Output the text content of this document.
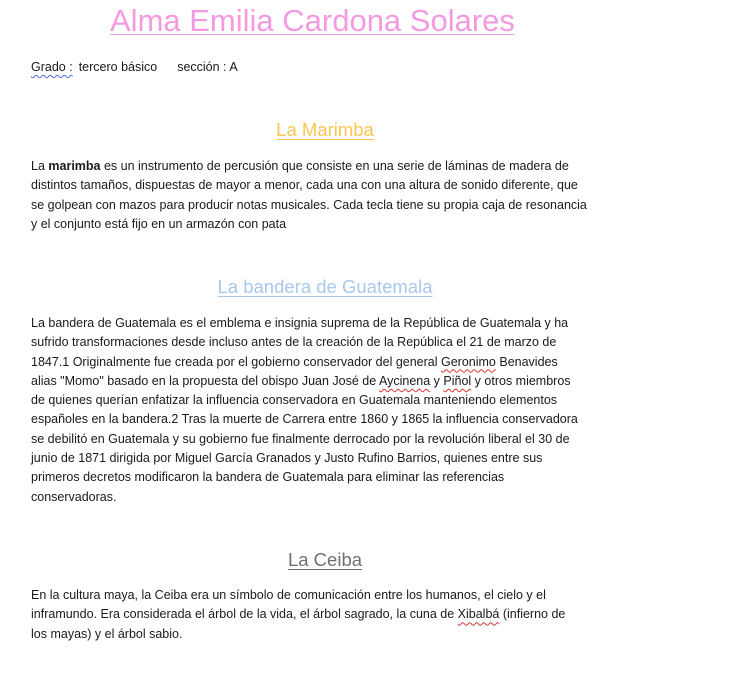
Alma Emilia Cardona Solares
Grado : tercero básico sección : A
La Marimba
La marimba es un instrumento de percusión que consiste en una serie de láminas de madera de
distintos tamaños, dispuestas de mayor a menor, cada una con una altura de sonido diferente, que
se golpean con mazos para producir notas musicales. Cada tecla tiene su propia caja de resonancia
y el conjunto está fijo en un armazón con pata
La bandera de Guatemala
La bandera de Guatemala es el emblema e insignia suprema de la República de Guatemala y ha
sufrido transformaciones desde incluso antes de la creación de la República el 21 de marzo de
1847.1 Originalmente fue creada por el gobierno conservador del general Geronimo Benavides
alias "Momo" basado en la propuesta del obispo Juan José de Aycinena y Piñol y otros miembros
de quienes querían enfatizar la influencia conservadora en Guatemala manteniendo elementos
españoles en la bandera.2 Tras la muerte de Carrera entre 1860 y 1865 la influencia conservadora
se debilitó en Guatemala y su gobierno fue finalmente derrocado por la revolución liberal el 30 de
junio de 1871 dirigida por Miguel García Granados y Justo Rufino Barrios, quienes entre sus
primeros decretos modificaron la bandera de Guatemala para eliminar las referencias
conservadoras.
La Ceiba
En la cultura maya, la Ceiba era un símbolo de comunicación entre los humanos, el cielo y el
inframundo. Era considerada el árbol de la vida, el árbol sagrado, la cuna de Xibalbá (infierno de
los mayas) y el árbol sabio.
